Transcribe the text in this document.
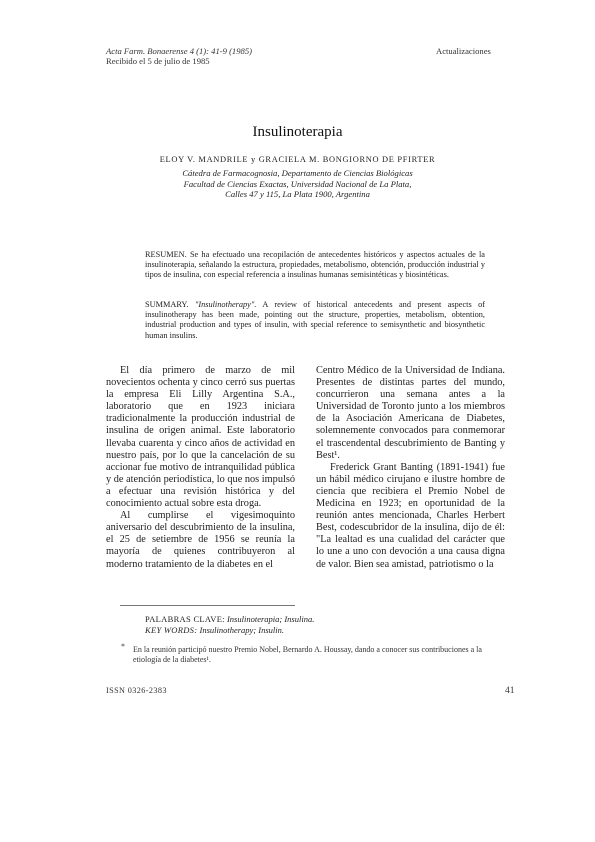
Acta Farm. Bonaerense 4 (1): 41-9 (1985)
Recibido el 5 de julio de 1985
Actualizaciones
Insulinoterapia
ELOY V. MANDRILE y GRACIELA M. BONGIORNO DE PFIRTER
Cátedra de Farmacognosia, Departamento de Ciencias Biológicas
Facultad de Ciencias Exactas, Universidad Nacional de La Plata,
Calles 47 y 115, La Plata 1900, Argentina
RESUMEN. Se ha efectuado una recopilación de antecedentes históricos y aspectos actuales de la insulinoterapia, señalando la estructura, propiedades, metabolismo, obtención, producción industrial y tipos de insulina, con especial referencia a insulinas humanas semisintéticas y biosintéticas.
SUMMARY. "Insulinotherapy". A review of historical antecedents and present aspects of insulinotherapy has been made, pointing out the structure, properties, metabolism, obtention, industrial production and types of insulin, with special reference to semisynthetic and biosynthetic human insulins.

El día primero de marzo de mil novecientos ochenta y cinco cerró sus puertas la empresa Eli Lilly Argentina S.A., laboratorio que en 1923 iniciara tradicionalmente la producción industrial de insulina de origen animal. Este laboratorio llevaba cuarenta y cinco años de actividad en nuestro país, por lo que la cancelación de su accionar fue motivo de intranquilidad pública y de atención periodística, lo que nos impulsó a efectuar una revisión histórica y del conocimiento actual sobre esta droga.

Al cumplirse el vigesimoquinto aniversario del descubrimiento de la insulina, el 25 de setiembre de 1956 se reunía la mayoría de quienes contribuyeron al moderno tratamiento de la diabetes en el

Centro Médico de la Universidad de Indiana. Presentes de distintas partes del mundo, concurrieron una semana antes a la Universidad de Toronto junto a los miembros de la Asociación Americana de Diabetes, solemnemente convocados para conmemorar el trascendental descubrimiento de Banting y Best¹.

Frederick Grant Banting (1891-1941) fue un hábil médico cirujano e ilustre hombre de ciencia que recibiera el Premio Nobel de Medicina en 1923; en oportunidad de la reunión antes mencionada, Charles Herbert Best, codescubridor de la insulina, dijo de él: "La lealtad es una cualidad del carácter que lo une a uno con devoción a una causa digna de valor. Bien sea amistad, patriotismo o la

PALABRAS CLAVE: Insulinoterapia; Insulina.
KEY WORDS: Insulinotherapy; Insulin.
* En la reunión participó nuestro Premio Nobel, Bernardo A. Houssay, dando a conocer sus contribuciones a la etiología de la diabetes¹.
ISSN 0326-2383	41
